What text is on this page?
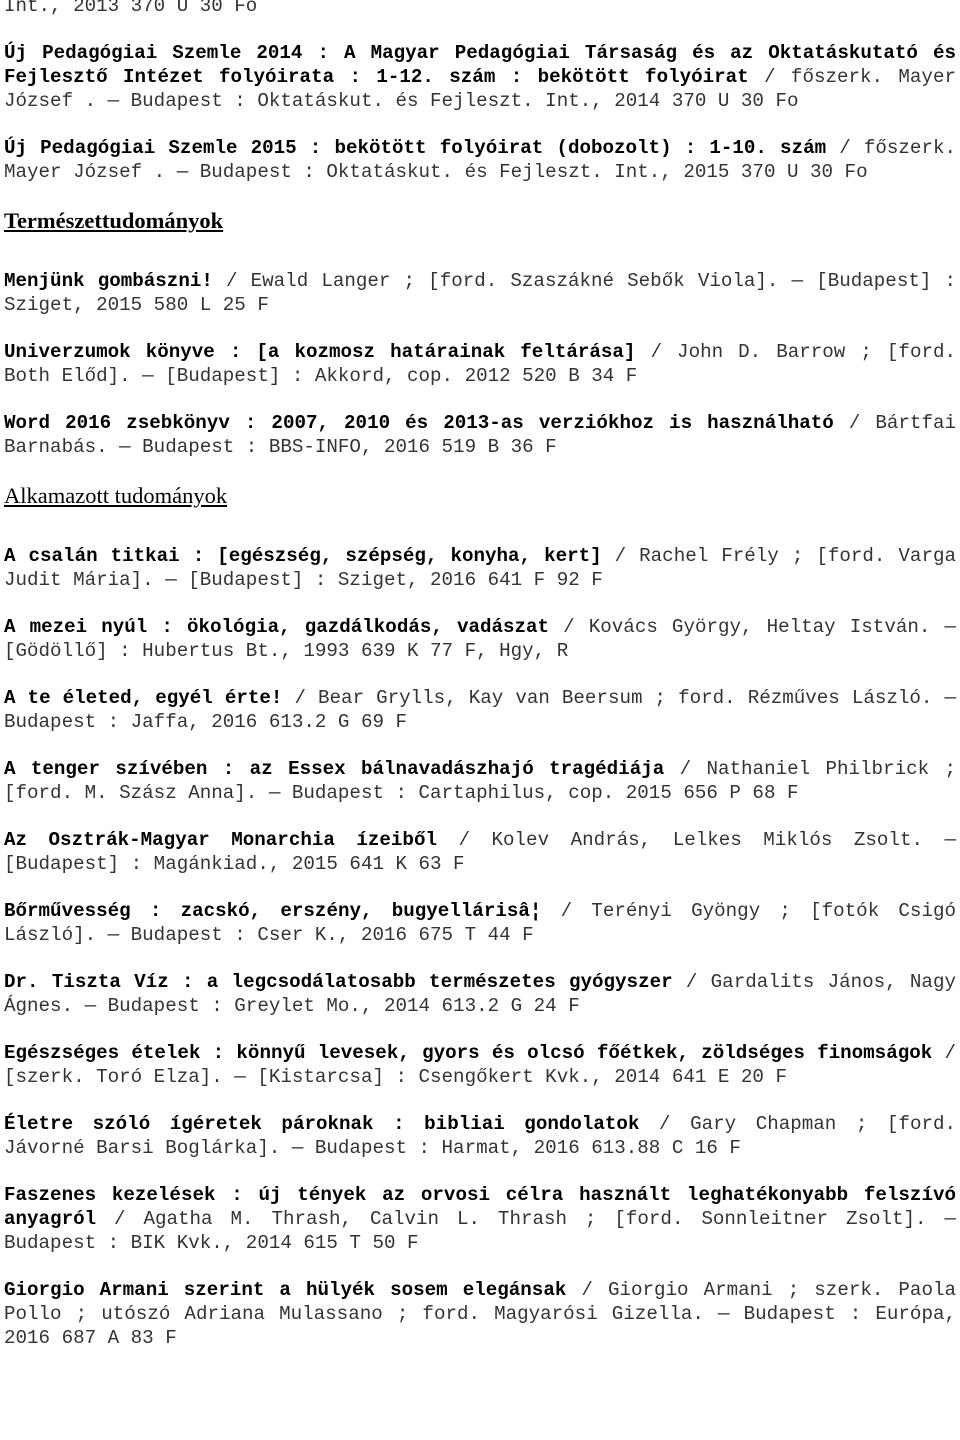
Int., 2013 370 U 30 Fo

Új Pedagógiai Szemle 2014 : A Magyar Pedagógiai Társaság és az Oktatáskutató és Fejlesztő Intézet folyóirata : 1-12. szám : bekötött folyóirat / főszerk. Mayer József . — Budapest : Oktatáskut. és Fejleszt. Int., 2014 370 U 30 Fo

Új Pedagógiai Szemle 2015 : bekötött folyóirat (dobozolt) : 1-10. szám / főszerk. Mayer József . — Budapest : Oktatáskut. és Fejleszt. Int., 2015 370 U 30 Fo

Természettudományok

Menjünk gombászni! / Ewald Langer ; [ford. Szaszákné Sebők Viola]. — [Budapest] : Sziget, 2015 580 L 25 F

Univerzumok könyve : [a kozmosz határainak feltárása] / John D. Barrow ; [ford. Both Előd]. — [Budapest] : Akkord, cop. 2012 520 B 34 F

Word 2016 zsebkönyv : 2007, 2010 és 2013-as verziókhoz is használható / Bártfai Barnabás. — Budapest : BBS-INFO, 2016 519 B 36 F

Alkamazott tudományok

A csalán titkai : [egészség, szépség, konyha, kert] / Rachel Frély ; [ford. Varga Judit Mária]. — [Budapest] : Sziget, 2016 641 F 92 F

A mezei nyúl : ökológia, gazdálkodás, vadászat / Kovács György, Heltay István. — [Gödöllő] : Hubertus Bt., 1993 639 K 77 F, Hgy, R

A te életed, egyél érte! / Bear Grylls, Kay van Beersum ; ford. Rézműves László. — Budapest : Jaffa, 2016 613.2 G 69 F

A tenger szívében : az Essex bálnavadászhajó tragédiája / Nathaniel Philbrick ; [ford. M. Szász Anna]. — Budapest : Cartaphilus, cop. 2015 656 P 68 F

Az Osztrák-Magyar Monarchia ízeiből / Kolev András, Lelkes Miklós Zsolt. — [Budapest] : Magánkiad., 2015 641 K 63 F

Bőrművesség : zacskó, erszény, bugyellárisâ¦ / Terényi Gyöngy ; [fotók Csigó László]. — Budapest : Cser K., 2016 675 T 44 F

Dr. Tiszta Víz : a legcsodálatosabb természetes gyógyszer / Gardalits János, Nagy Ágnes. — Budapest : Greylet Mo., 2014 613.2 G 24 F

Egészséges ételek : könnyű levesek, gyors és olcsó főétkek, zöldséges finomságok / [szerk. Toró Elza]. — [Kistarcsa] : Csengőkert Kvk., 2014 641 E 20 F

Életre szóló ígéretek pároknak : bibliai gondolatok / Gary Chapman ; [ford. Jávorné Barsi Boglárka]. — Budapest : Harmat, 2016 613.88 C 16 F

Faszenes kezelések : új tények az orvosi célra használt leghatékonyabb felszívó anyagról / Agatha M. Thrash, Calvin L. Thrash ; [ford. Sonnleitner Zsolt]. — Budapest : BIK Kvk., 2014 615 T 50 F

Giorgio Armani szerint a hülyék sosem elegánsak / Giorgio Armani ; szerk. Paola Pollo ; utószó Adriana Mulassano ; ford. Magyarósi Gizella. — Budapest : Európa, 2016 687 A 83 F
